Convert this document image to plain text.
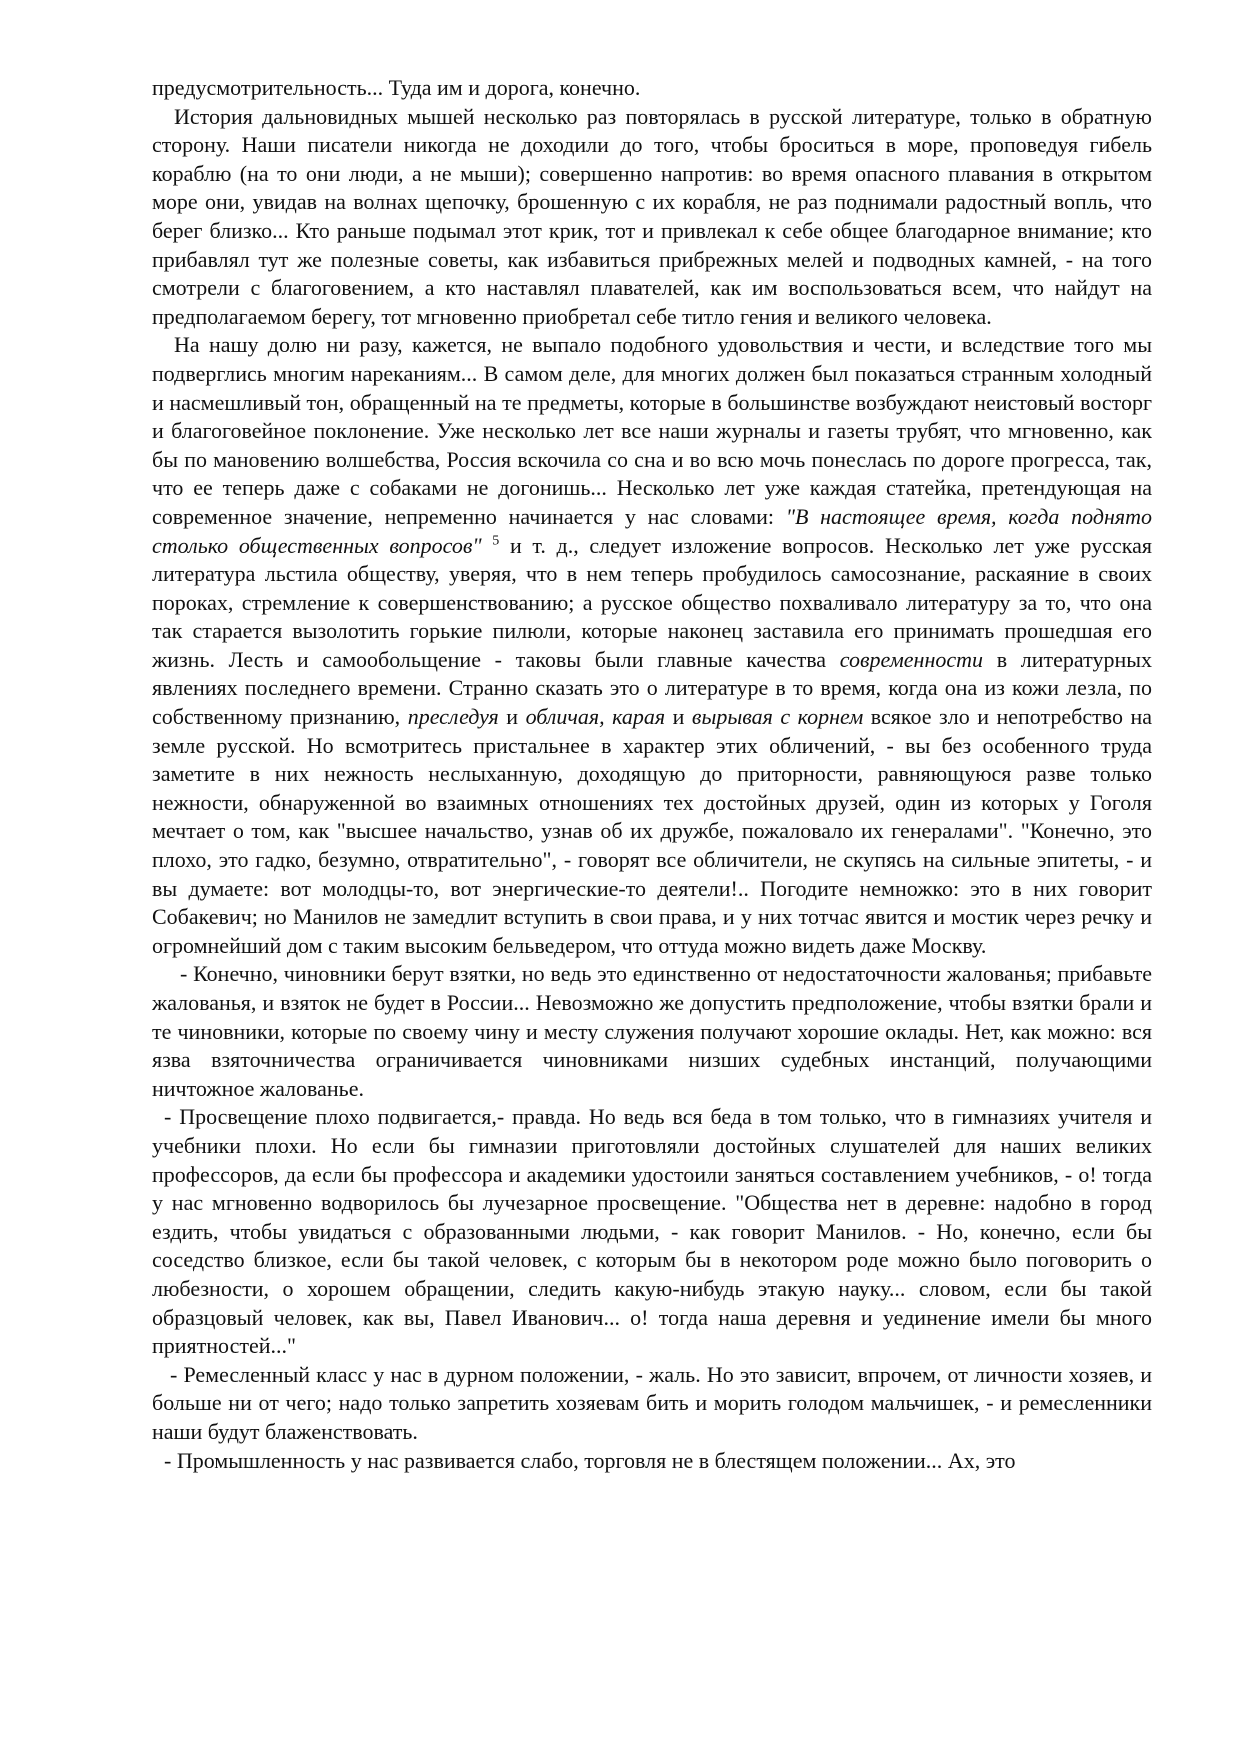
предусмотрительность... Туда им и дорога, конечно.

История дальновидных мышей несколько раз повторялась в русской литературе, только в обратную сторону. Наши писатели никогда не доходили до того, чтобы броситься в море, проповедуя гибель кораблю (на то они люди, а не мыши); совершенно напротив: во время опасного плавания в открытом море они, увидав на волнах щепочку, брошенную с их корабля, не раз поднимали радостный вопль, что берег близко... Кто раньше подымал этот крик, тот и привлекал к себе общее благодарное внимание; кто прибавлял тут же полезные советы, как избавиться прибрежных мелей и подводных камней, - на того смотрели с благоговением, а кто наставлял плавателей, как им воспользоваться всем, что найдут на предполагаемом берегу, тот мгновенно приобретал себе титло гения и великого человека.

На нашу долю ни разу, кажется, не выпало подобного удовольствия и чести, и вследствие того мы подверглись многим нареканиям... В самом деле, для многих должен был показаться странным холодный и насмешливый тон, обращенный на те предметы, которые в большинстве возбуждают неистовый восторг и благоговейное поклонение. Уже несколько лет все наши журналы и газеты трубят, что мгновенно, как бы по мановению волшебства, Россия вскочила со сна и во всю мочь понеслась по дороге прогресса, так, что ее теперь даже с собаками не догонишь... Несколько лет уже каждая статейка, претендующая на современное значение, непременно начинается у нас словами: "В настоящее время, когда поднято столько общественных вопросов" $^5$ и т. д., следует изложение вопросов. Несколько лет уже русская литература льстила обществу, уверяя, что в нем теперь пробудилось самосознание, раскаяние в своих пороках, стремление к совершенствованию; а русское общество похваливало литературу за то, что она так старается вызолотить горькие пилюли, которые наконец заставила его принимать прошедшая его жизнь. Лесть и самообольщение - таковы были главные качества современности в литературных явлениях последнего времени. Странно сказать это о литературе в то время, когда она из кожи лезла, по собственному признанию, преследуя и обличая, карая и вырывая с корнем всякое зло и непотребство на земле русской. Но всмотритесь пристальнее в характер этих обличений, - вы без особенного труда заметите в них нежность неслыханную, доходящую до приторности, равняющуюся разве только нежности, обнаруженной во взаимных отношениях тех достойных друзей, один из которых у Гоголя мечтает о том, как "высшее начальство, узнав об их дружбе, пожаловало их генералами". "Конечно, это плохо, это гадко, безумно, отвратительно", - говорят все обличители, не скупясь на сильные эпитеты, - и вы думаете: вот молодцы-то, вот энергические-то деятели!.. Погодите немножко: это в них говорит Собакевич; но Манилов не замедлит вступить в свои права, и у них тотчас явится и мостик через речку и огромнейший дом с таким высоким бельведером, что оттуда можно видеть даже Москву.

- Конечно, чиновники берут взятки, но ведь это единственно от недостаточности жалованья; прибавьте жалованья, и взяток не будет в России... Невозможно же допустить предположение, чтобы взятки брали и те чиновники, которые по своему чину и месту служения получают хорошие оклады. Нет, как можно: вся язва взяточничества ограничивается чиновниками низших судебных инстанций, получающими ничтожное жалованье.

- Просвещение плохо подвигается,- правда. Но ведь вся беда в том только, что в гимназиях учителя и учебники плохи. Но если бы гимназии приготовляли достойных слушателей для наших великих профессоров, да если бы профессора и академики удостоили заняться составлением учебников, - о! тогда у нас мгновенно водворилось бы лучезарное просвещение. "Общества нет в деревне: надобно в город ездить, чтобы увидаться с образованными людьми, - как говорит Манилов. - Но, конечно, если бы соседство близкое, если бы такой человек, с которым бы в некотором роде можно было поговорить о любезности, о хорошем обращении, следить какую-нибудь этакую науку... словом, если бы такой образцовый человек, как вы, Павел Иванович... о! тогда наша деревня и уединение имели бы много приятностей..."

- Ремесленный класс у нас в дурном положении, - жаль. Но это зависит, впрочем, от личности хозяев, и больше ни от чего; надо только запретить хозяевам бить и морить голодом мальчишек, - и ремесленники наши будут блаженствовать.

- Промышленность у нас развивается слабо, торговля не в блестящем положении... Ах, это
